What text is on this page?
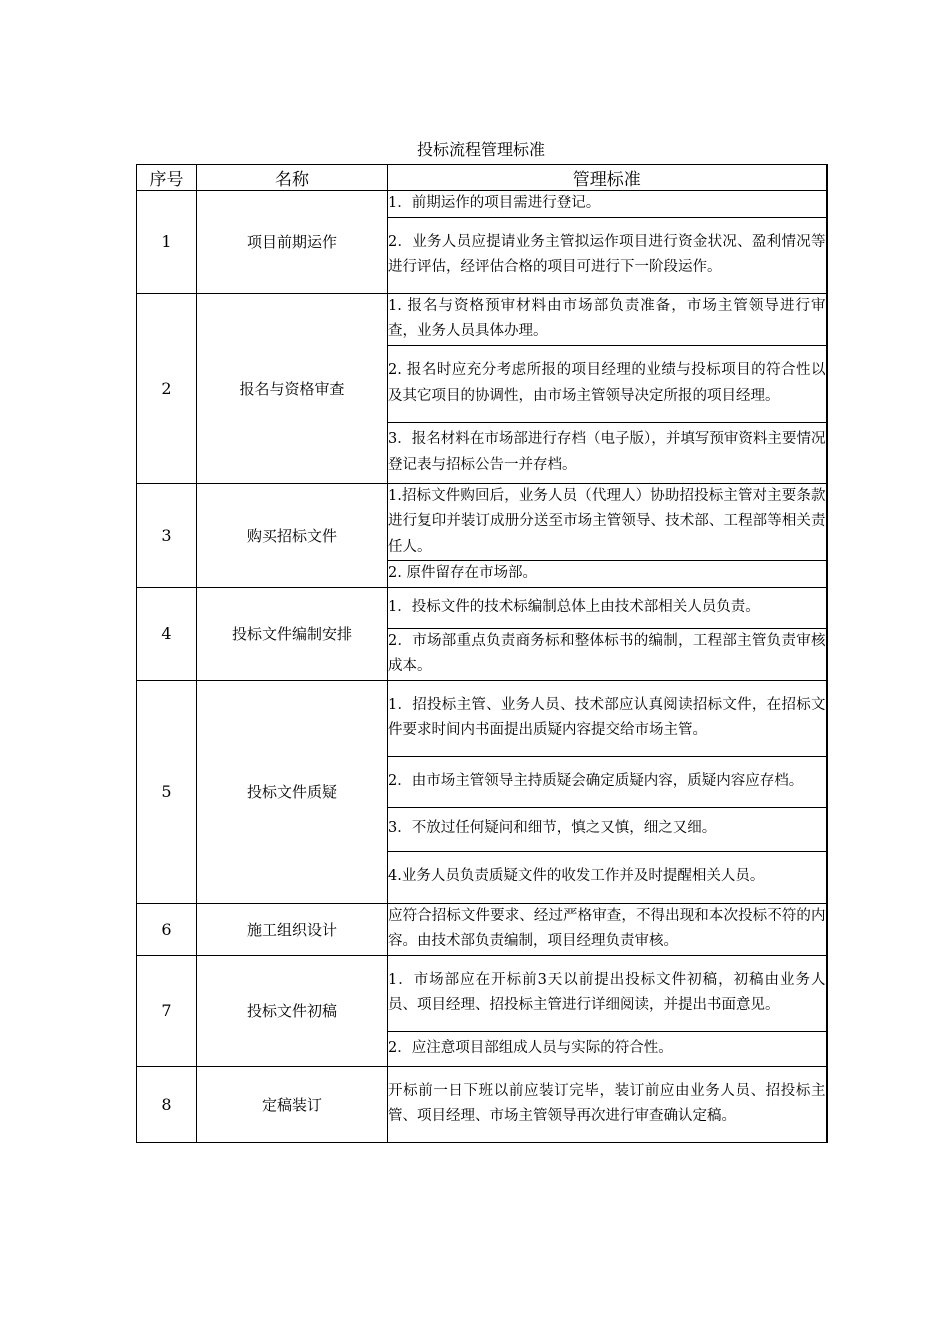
投标流程管理标准
序号	名称	管理标准
1	项目前期运作	1．前期运作的项目需进行登记。
		2．业务人员应提请业务主管拟运作项目进行资金状况、盈利情况等进行评估，经评估合格的项目可进行下一阶段运作。
2	报名与资格审查	1. 报名与资格预审材料由市场部负责准备，市场主管领导进行审查，业务人员具体办理。
		2. 报名时应充分考虑所报的项目经理的业绩与投标项目的符合性以及其它项目的协调性，由市场主管领导决定所报的项目经理。
		3．报名材料在市场部进行存档（电子版），并填写预审资料主要情况登记表与招标公告一并存档。
3	购买招标文件	1.招标文件购回后，业务人员（代理人）协助招投标主管对主要条款进行复印并装订成册分送至市场主管领导、技术部、工程部等相关责任人。
		2. 原件留存在市场部。
4	投标文件编制安排	1．投标文件的技术标编制总体上由技术部相关人员负责。
		2．市场部重点负责商务标和整体标书的编制，工程部主管负责审核成本。
5	投标文件质疑	1．招投标主管、业务人员、技术部应认真阅读招标文件，在招标文件要求时间内书面提出质疑内容提交给市场主管。
		2．由市场主管领导主持质疑会确定质疑内容，质疑内容应存档。
		3．不放过任何疑问和细节，慎之又慎，细之又细。
		4.业务人员负责质疑文件的收发工作并及时提醒相关人员。
6	施工组织设计	应符合招标文件要求、经过严格审查，不得出现和本次投标不符的内容。由技术部负责编制，项目经理负责审核。
7	投标文件初稿	1．市场部应在开标前3天以前提出投标文件初稿，初稿由业务人员、项目经理、招投标主管进行详细阅读，并提出书面意见。
		2．应注意项目部组成人员与实际的符合性。
8	定稿装订	开标前一日下班以前应装订完毕，装订前应由业务人员、招投标主管、项目经理、市场主管领导再次进行审查确认定稿。
